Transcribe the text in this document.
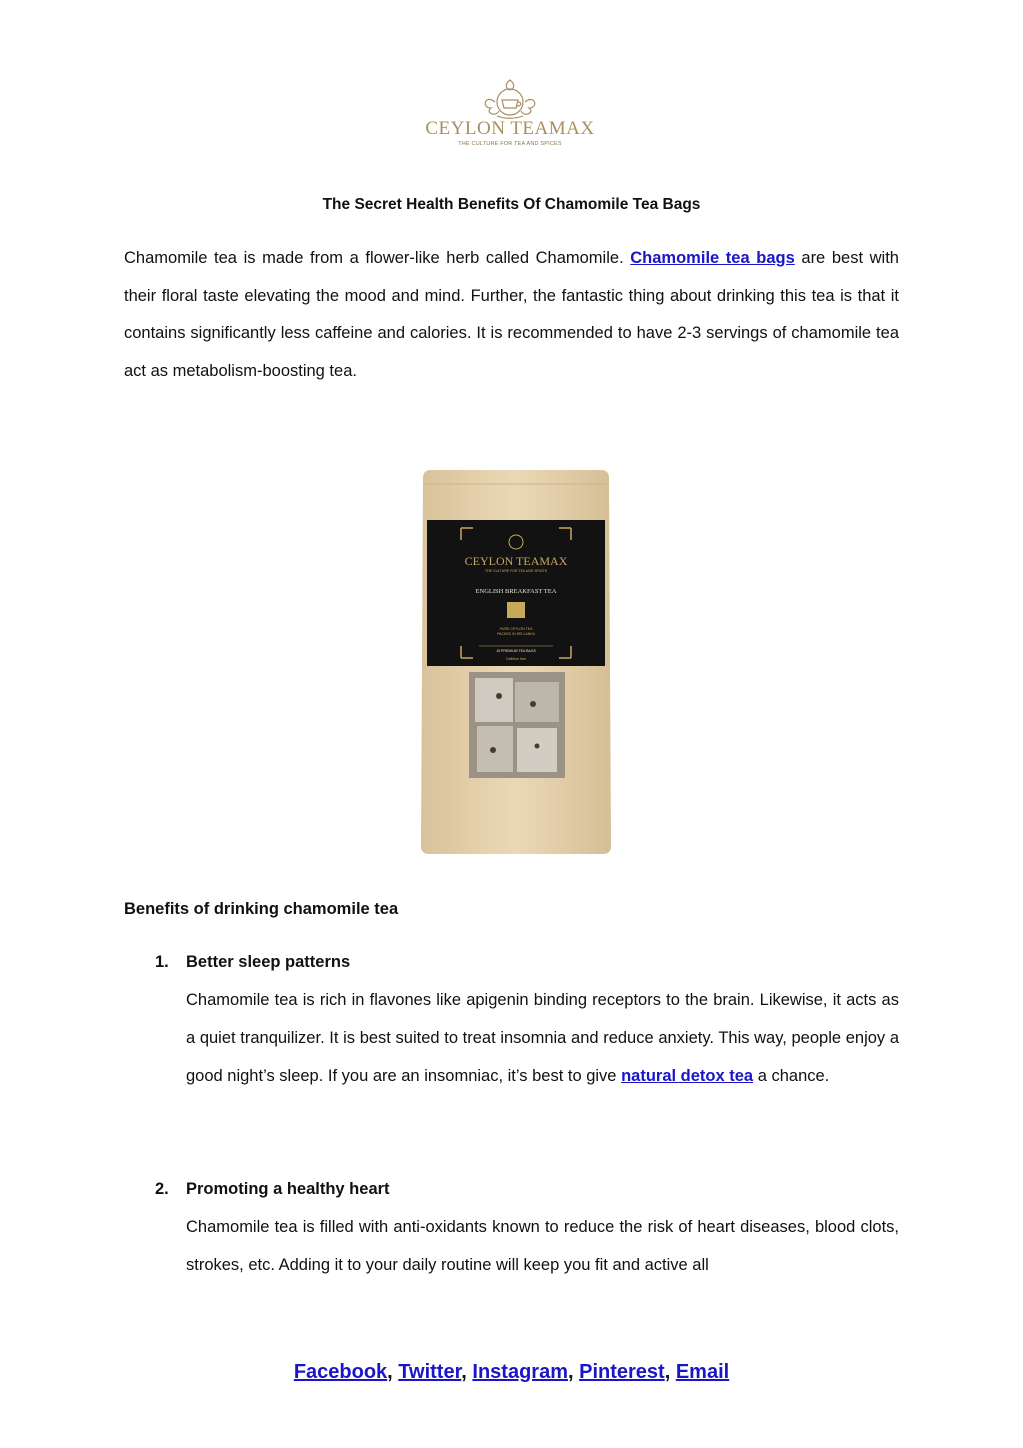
CEYLON TEAMAX
THE CULTURE FOR TEA AND SPICES
The Secret Health Benefits Of Chamomile Tea Bags

Chamomile tea is made from a flower-like herb called Chamomile. Chamomile tea bags are best with their floral taste elevating the mood and mind. Further, the fantastic thing about drinking this tea is that it contains significantly less caffeine and calories. It is recommended to have 2-3 servings of chamomile tea act as metabolism-boosting tea.

CEYLON TEAMAX
THE CULTURE FOR TEA AND SPICES
ENGLISH BREAKFAST TEA
PURE CEYLON TEA
PACKED IN SRI LANKA
15 PREMIUM TEA BAGS
Caffeine free
Benefits of drinking chamomile tea
1. Better sleep patterns

Chamomile tea is rich in flavones like apigenin binding receptors to the brain. Likewise, it acts as a quiet tranquilizer. It is best suited to treat insomnia and reduce anxiety. This way, people enjoy a good night’s sleep. If you are an insomniac, it’s best to give natural detox tea a chance.

2. Promoting a healthy heart

Chamomile tea is filled with anti-oxidants known to reduce the risk of heart diseases, blood clots, strokes, etc. Adding it to your daily routine will keep you fit and active all

Facebook, Twitter, Instagram, Pinterest, Email
